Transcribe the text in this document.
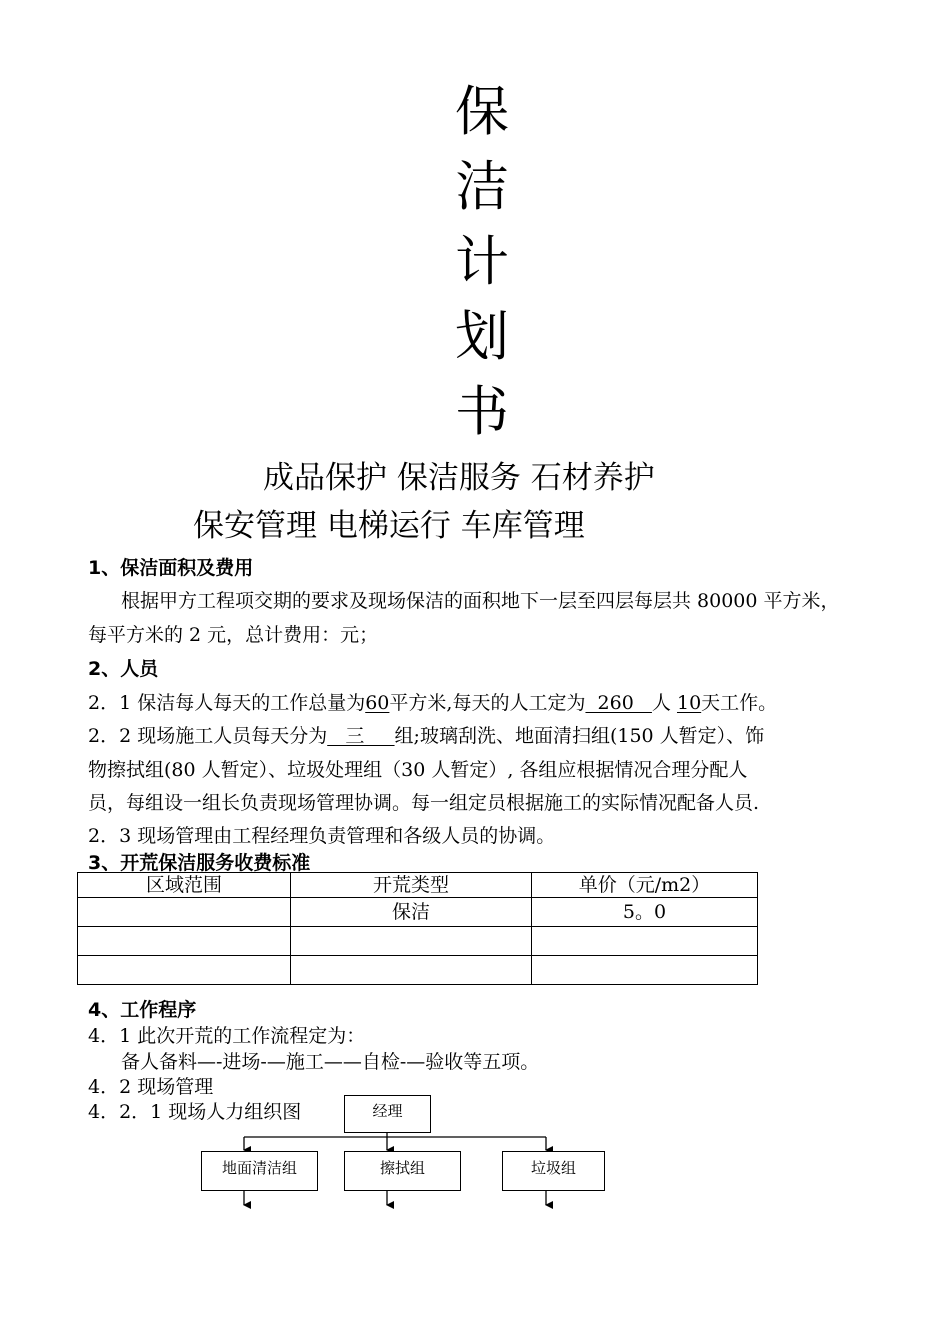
保
洁
计
划
书
成品保护 保洁服务 石材养护
保安管理 电梯运行 车库管理
1、保洁面积及费用
根据甲方工程项交期的要求及现场保洁的面积地下一层至四层每层共 80000 平方米，
每平方米的 2 元，总计费用：元；
2、人员
2．1 保洁每人每天的工作总量为60平方米,每天的人工定为  260   人 10天工作。
2．2 现场施工人员每天分为   三     组;玻璃刮洗、地面清扫组(150 人暂定）、饰
物擦拭组(80 人暂定）、垃圾处理组（30 人暂定）, 各组应根据情况合理分配人
员，每组设一组长负责现场管理协调。每一组定员根据施工的实际情况配备人员.
2．3 现场管理由工程经理负责管理和各级人员的协调。
3、开荒保洁服务收费标准
区域范围	开荒类型	单价（元/m2）
	保洁	5。0

4、工作程序
4．1 此次开荒的工作流程定为：
备人备料—-进场-—施工——自检-—验收等五项。
4．2 现场管理
4．2．1 现场人力组织图	经理
地面清洁组	擦拭组	垃圾组
